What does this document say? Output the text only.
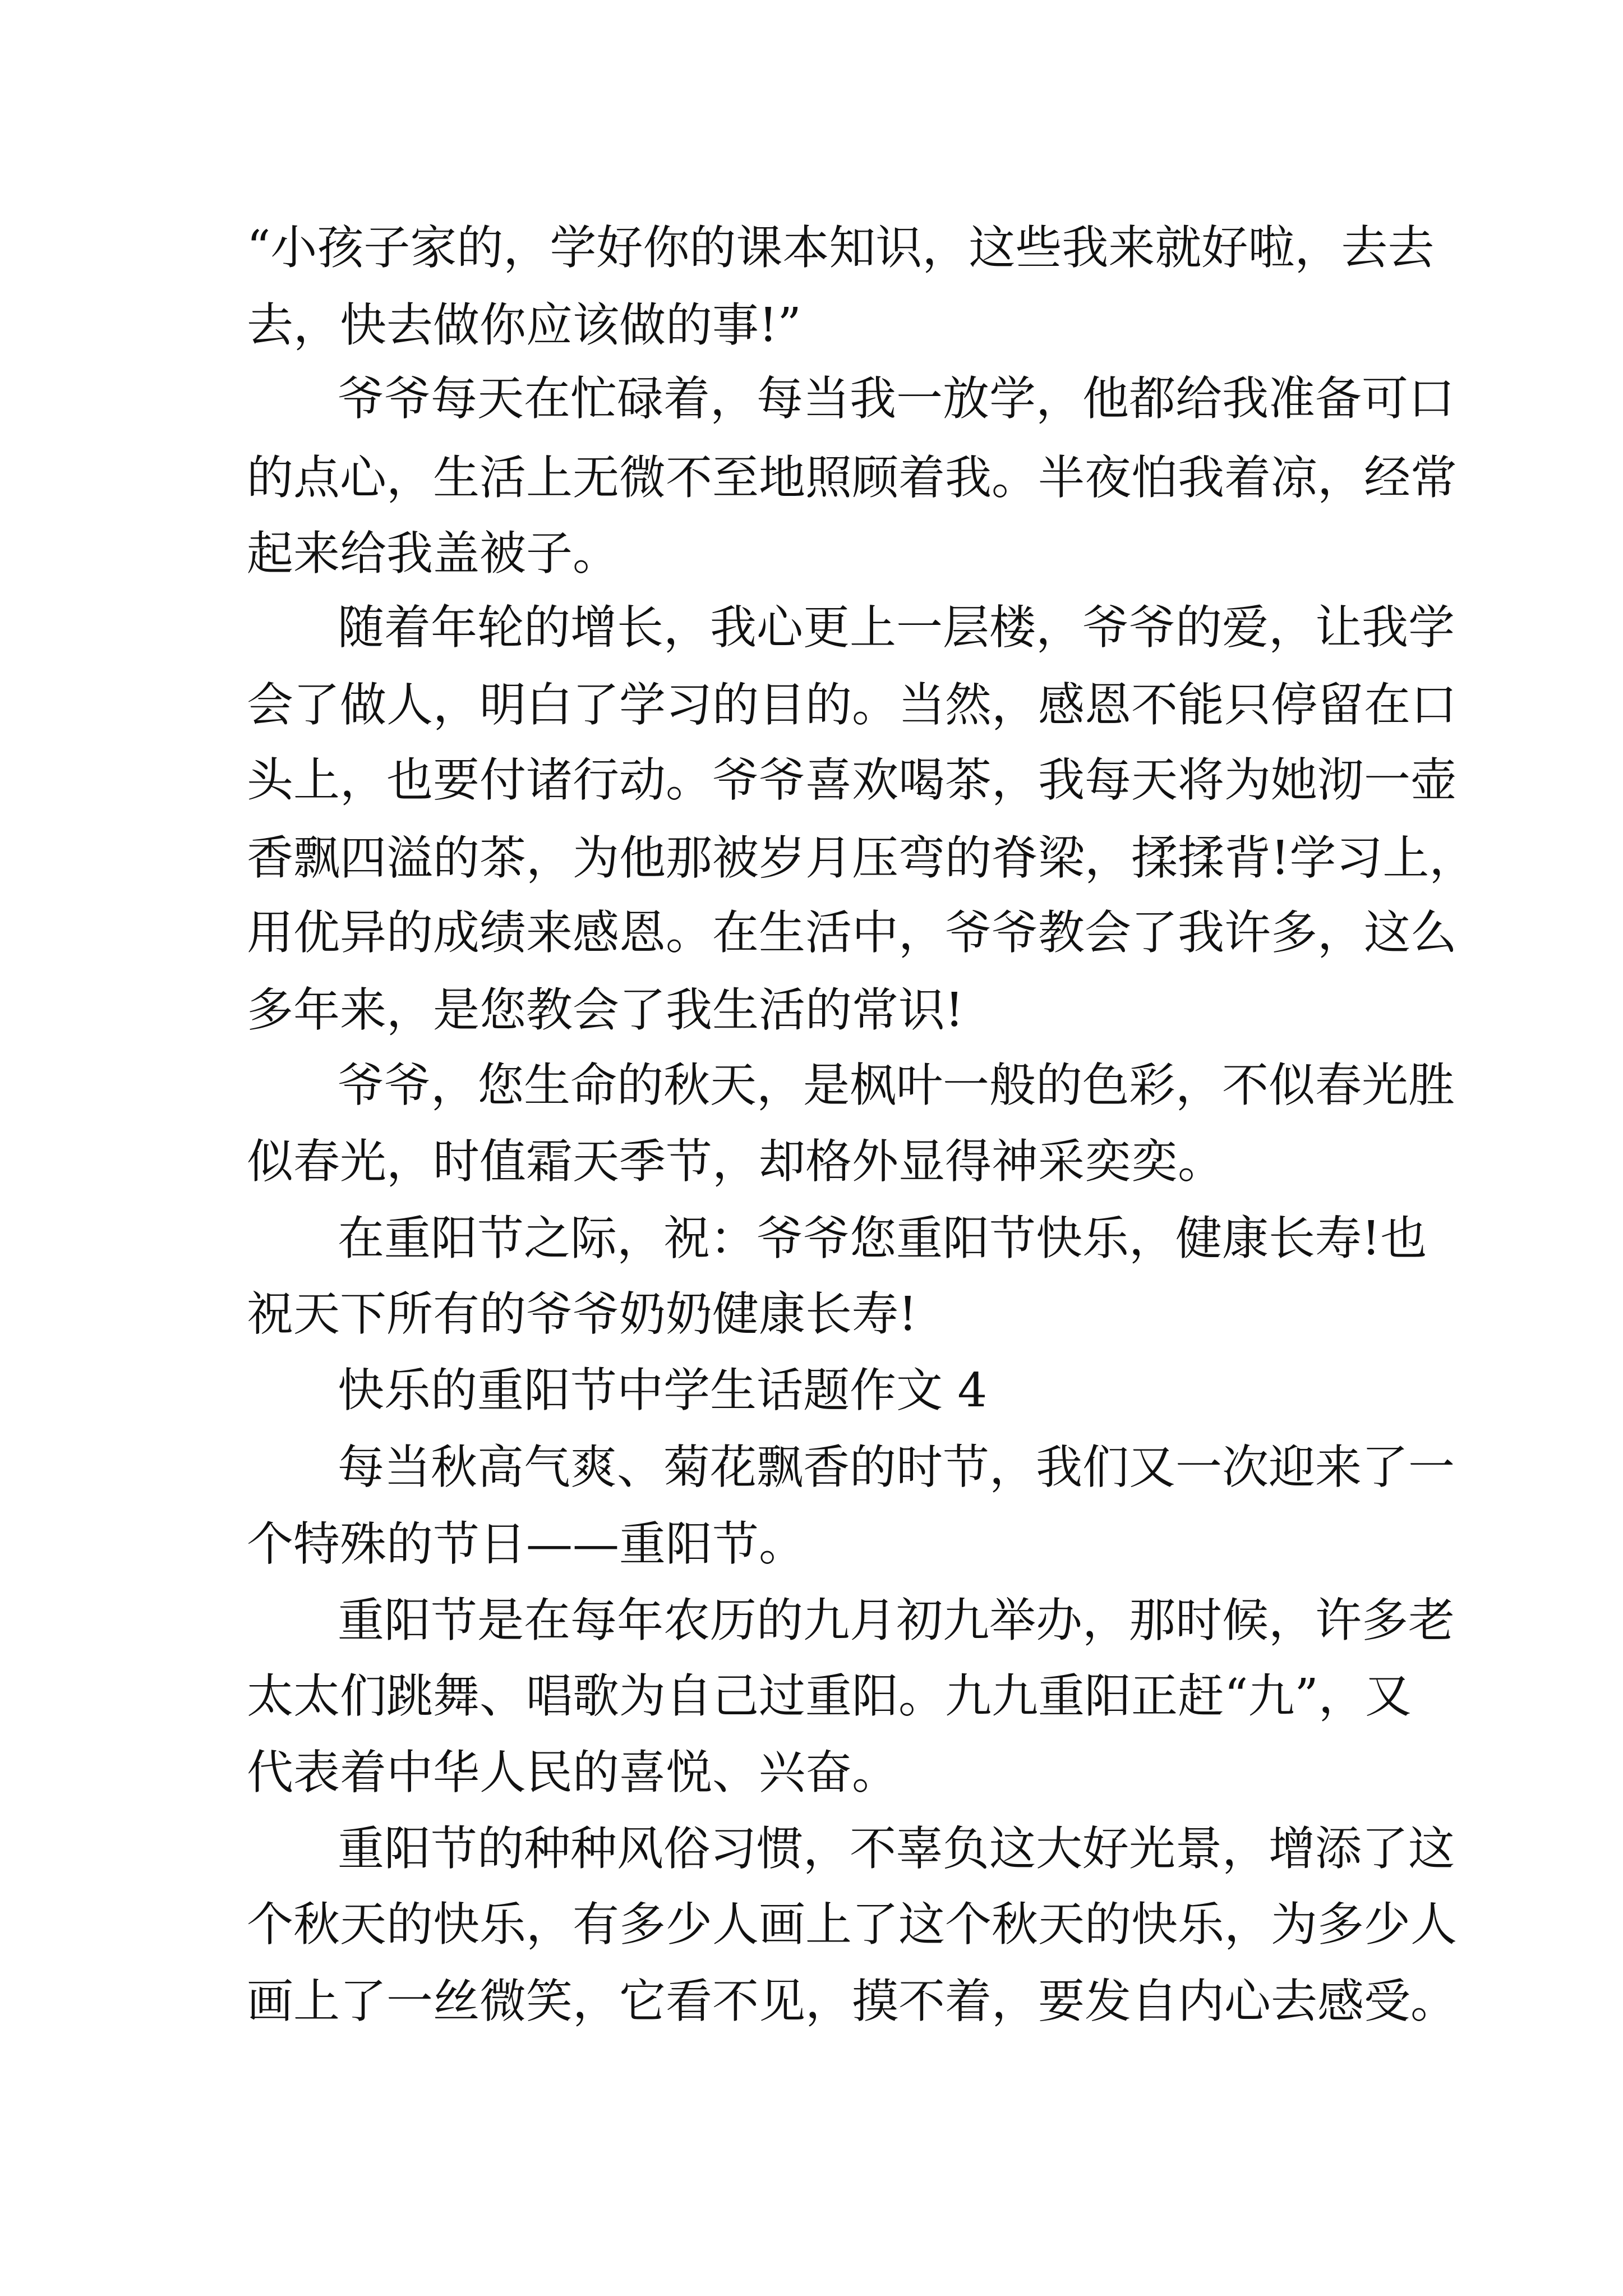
“小孩子家的，学好你的课本知识，这些我来就好啦，去去
去，快去做你应该做的事!”
爷爷每天在忙碌着，每当我一放学，他都给我准备可口
的点心，生活上无微不至地照顾着我。半夜怕我着凉，经常
起来给我盖被子。
随着年轮的增长，我心更上一层楼，爷爷的爱，让我学
会了做人，明白了学习的目的。当然，感恩不能只停留在口
头上，也要付诸行动。爷爷喜欢喝茶，我每天将为她沏一壶
香飘四溢的茶，为他那被岁月压弯的脊梁，揉揉背!学习上，
用优异的成绩来感恩。在生活中，爷爷教会了我许多，这么
多年来，是您教会了我生活的常识!
爷爷，您生命的秋天，是枫叶一般的色彩，不似春光胜
似春光，时值霜天季节，却格外显得神采奕奕。
在重阳节之际，祝：爷爷您重阳节快乐，健康长寿!也
祝天下所有的爷爷奶奶健康长寿!
快乐的重阳节中学生话题作文 4
每当秋高气爽、菊花飘香的时节，我们又一次迎来了一
个特殊的节日——重阳节。
重阳节是在每年农历的九月初九举办，那时候，许多老
太太们跳舞、唱歌为自己过重阳。九九重阳正赶“九”，又
代表着中华人民的喜悦、兴奋。
重阳节的种种风俗习惯，不辜负这大好光景，增添了这
个秋天的快乐，有多少人画上了这个秋天的快乐，为多少人
画上了一丝微笑，它看不见，摸不着，要发自内心去感受。
